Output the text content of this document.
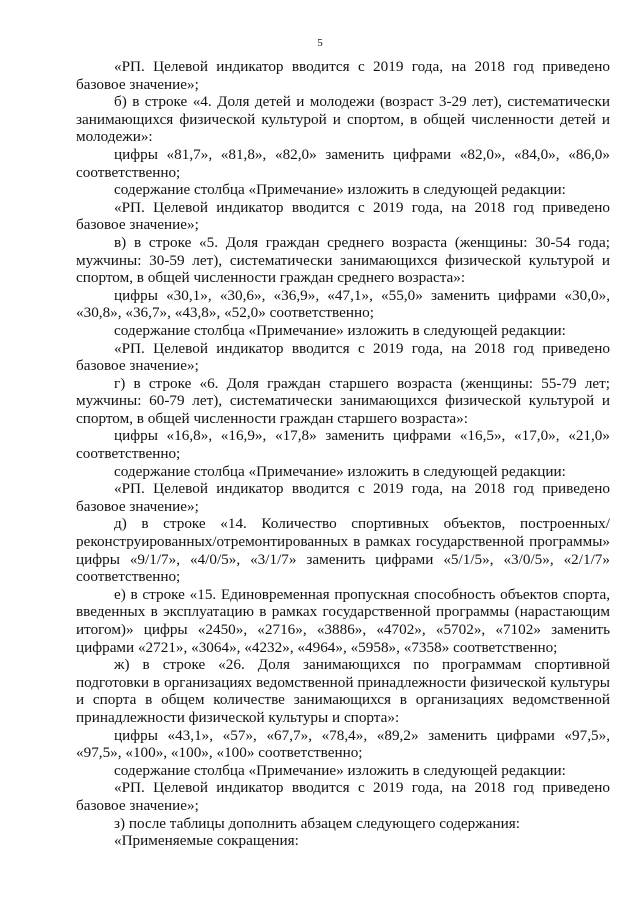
5

«РП. Целевой индикатор вводится с 2019 года, на 2018 год приведено базовое значение»;

б) в строке «4. Доля детей и молодежи (возраст 3-29 лет), систематически занимающихся физической культурой и спортом, в общей численности детей и молодежи»:

цифры «81,7», «81,8», «82,0» заменить цифрами «82,0», «84,0», «86,0» соответственно;

содержание столбца «Примечание» изложить в следующей редакции:

«РП. Целевой индикатор вводится с 2019 года, на 2018 год приведено базовое значение»;

в) в строке «5. Доля граждан среднего возраста (женщины: 30-54 года; мужчины: 30-59 лет), систематически занимающихся физической культурой и спортом, в общей численности граждан среднего возраста»:

цифры «30,1», «30,6», «36,9», «47,1», «55,0» заменить цифрами «30,0», «30,8», «36,7», «43,8», «52,0» соответственно;

содержание столбца «Примечание» изложить в следующей редакции:

«РП. Целевой индикатор вводится с 2019 года, на 2018 год приведено базовое значение»;

г) в строке «6. Доля граждан старшего возраста (женщины: 55-79 лет; мужчины: 60-79 лет), систематически занимающихся физической культурой и спортом, в общей численности граждан старшего возраста»:

цифры «16,8», «16,9», «17,8» заменить цифрами «16,5», «17,0», «21,0» соответственно;

содержание столбца «Примечание» изложить в следующей редакции:

«РП. Целевой индикатор вводится с 2019 года, на 2018 год приведено базовое значение»;

д) в строке «14. Количество спортивных объектов, построенных/ реконструированных/отремонтированных в рамках государственной программы» цифры «9/1/7», «4/0/5», «3/1/7» заменить цифрами «5/1/5», «3/0/5», «2/1/7» соответственно;

е) в строке «15. Единовременная пропускная способность объектов спорта, введенных в эксплуатацию в рамках государственной программы (нарастающим итогом)» цифры «2450», «2716», «3886», «4702», «5702», «7102» заменить цифрами «2721», «3064», «4232», «4964», «5958», «7358» соответственно;

ж) в строке «26. Доля занимающихся по программам спортивной подготовки в организациях ведомственной принадлежности физической культуры и спорта в общем количестве занимающихся в организациях ведомственной принадлежности физической культуры и спорта»:

цифры «43,1», «57», «67,7», «78,4», «89,2» заменить цифрами «97,5», «97,5», «100», «100», «100» соответственно;

содержание столбца «Примечание» изложить в следующей редакции:

«РП. Целевой индикатор вводится с 2019 года, на 2018 год приведено базовое значение»;

з) после таблицы дополнить абзацем следующего содержания:

«Применяемые сокращения:
